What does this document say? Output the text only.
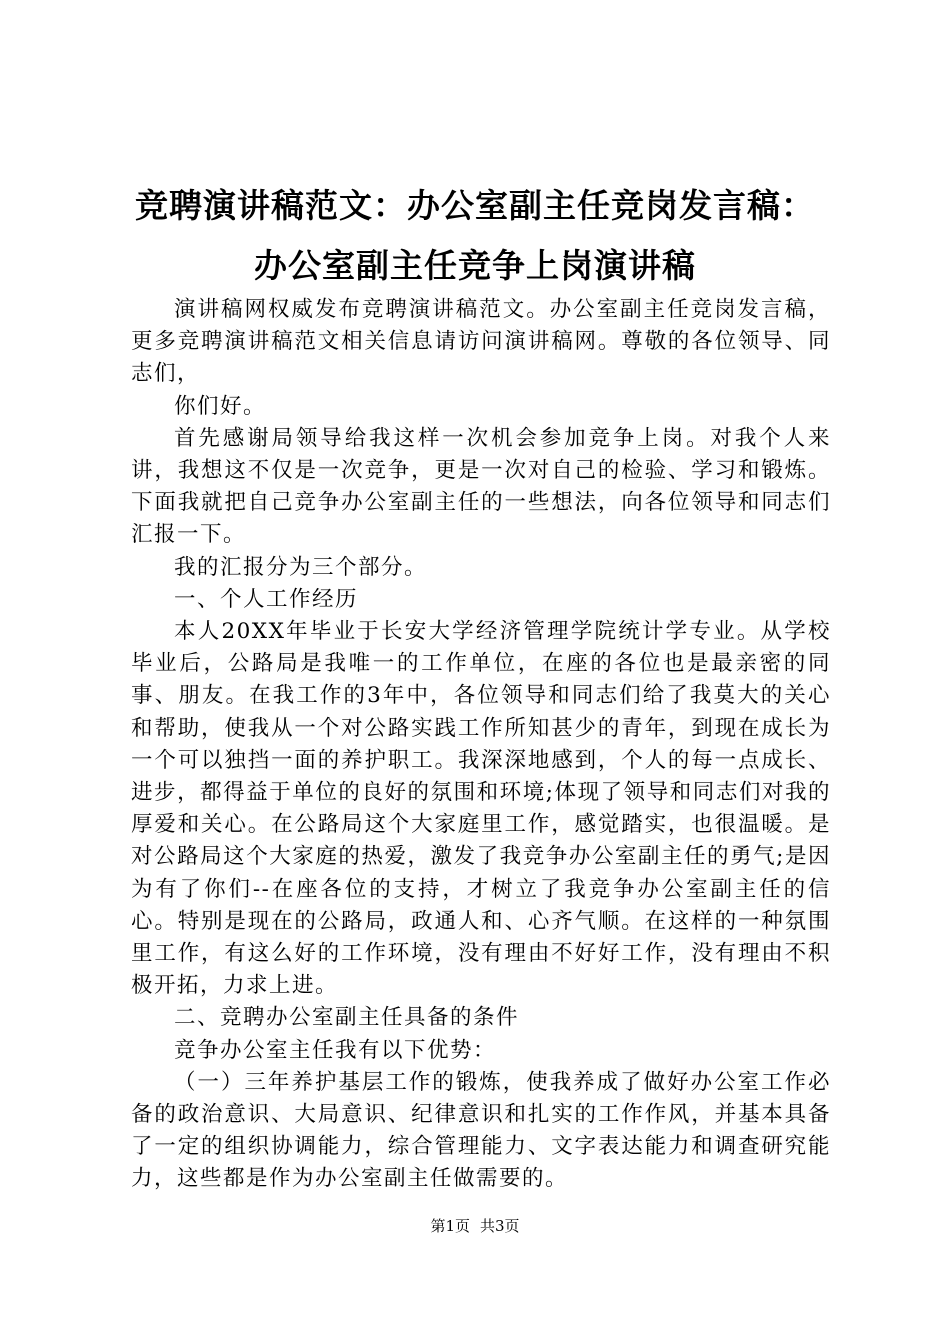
竞聘演讲稿范文：办公室副主任竞岗发言稿：
办公室副主任竞争上岗演讲稿

演讲稿网权威发布竞聘演讲稿范文。办公室副主任竞岗发言稿，更多竞聘演讲稿范文相关信息请访问演讲稿网。尊敬的各位领导、同志们，

你们好。

首先感谢局领导给我这样一次机会参加竞争上岗。对我个人来讲，我想这不仅是一次竞争，更是一次对自己的检验、学习和锻炼。下面我就把自己竞争办公室副主任的一些想法，向各位领导和同志们汇报一下。

我的汇报分为三个部分。

一、个人工作经历

本人20XX年毕业于长安大学经济管理学院统计学专业。从学校毕业后，公路局是我唯一的工作单位，在座的各位也是最亲密的同事、朋友。在我工作的3年中，各位领导和同志们给了我莫大的关心和帮助，使我从一个对公路实践工作所知甚少的青年，到现在成长为一个可以独挡一面的养护职工。我深深地感到，个人的每一点成长、进步，都得益于单位的良好的氛围和环境;体现了领导和同志们对我的厚爱和关心。在公路局这个大家庭里工作，感觉踏实，也很温暖。是对公路局这个大家庭的热爱，激发了我竞争办公室副主任的勇气;是因为有了你们--在座各位的支持，才树立了我竞争办公室副主任的信心。特别是现在的公路局，政通人和、心齐气顺。在这样的一种氛围里工作，有这么好的工作环境，没有理由不好好工作，没有理由不积极开拓，力求上进。

二、竞聘办公室副主任具备的条件

竞争办公室主任我有以下优势：

（一）三年养护基层工作的锻炼，使我养成了做好办公室工作必备的政治意识、大局意识、纪律意识和扎实的工作作风，并基本具备了一定的组织协调能力，综合管理能力、文字表达能力和调查研究能力，这些都是作为办公室副主任做需要的。

第1页 共3页
